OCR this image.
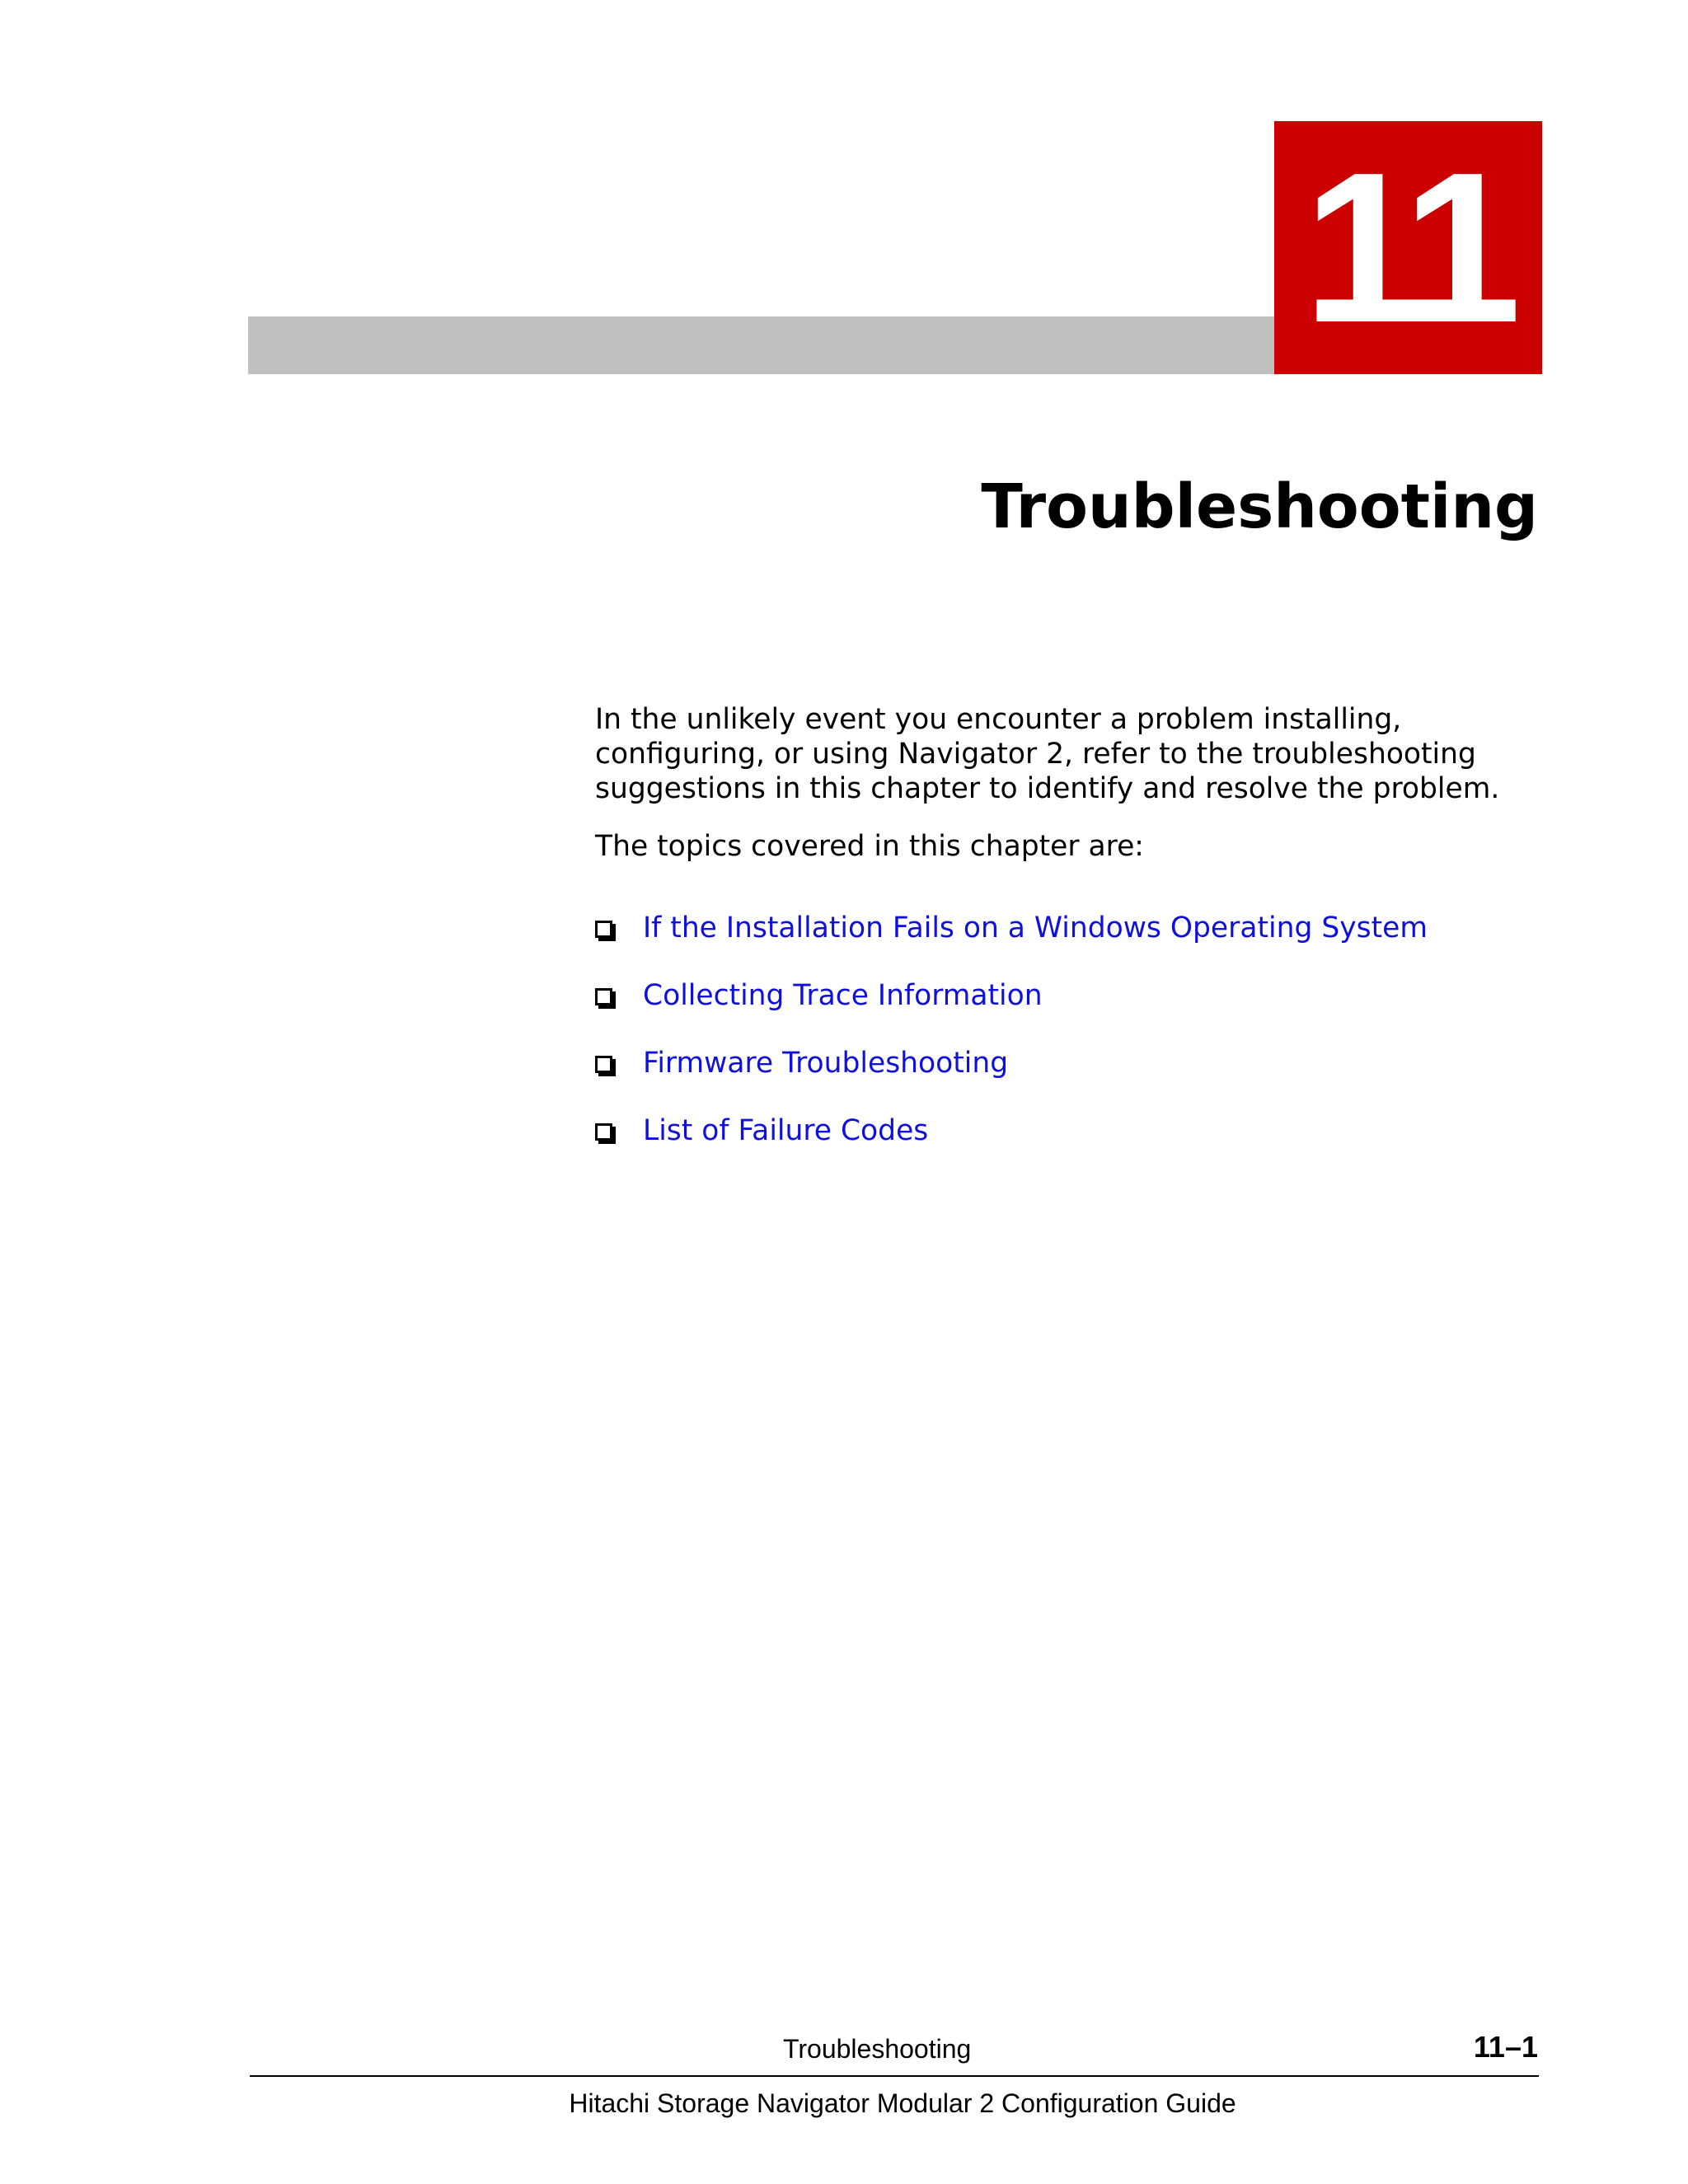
11
Troubleshooting

In the unlikely event you encounter a problem installing,
configuring, or using Navigator 2, refer to the troubleshooting
suggestions in this chapter to identify and resolve the problem.

The topics covered in this chapter are:

If the Installation Fails on a Windows Operating System
Collecting Trace Information
Firmware Troubleshooting
List of Failure Codes
Troubleshooting	11–1
Hitachi Storage Navigator Modular 2 Configuration Guide
